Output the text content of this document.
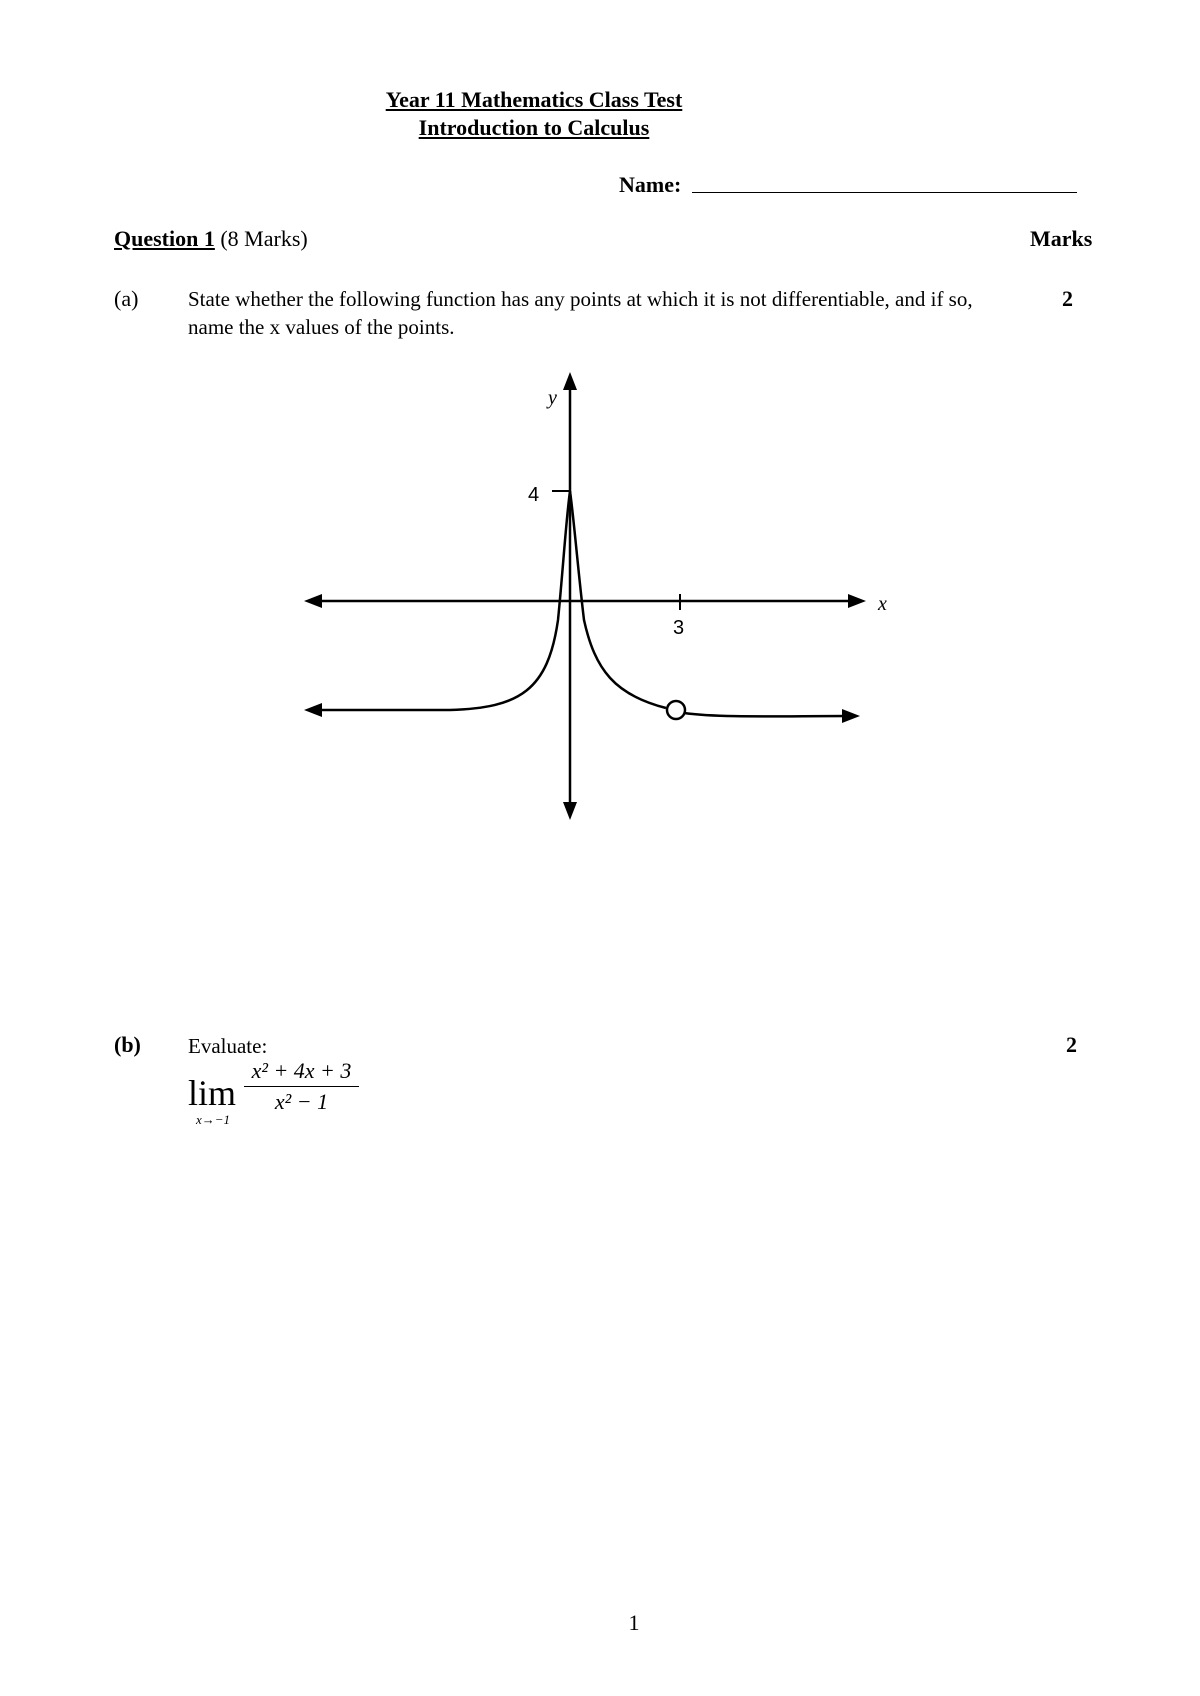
Year 11 Mathematics Class Test
Introduction to Calculus
Name:
Question 1 (8 Marks)	Marks
(a) State whether the following function has any points at which it is not differentiable, and if so, name the x values of the points.
2
y
x
4
3
(b) Evaluate:	2
lim
x→−1
$\frac{\text{x² + 4x + 3}}{\text{x² − 1}}$
1
